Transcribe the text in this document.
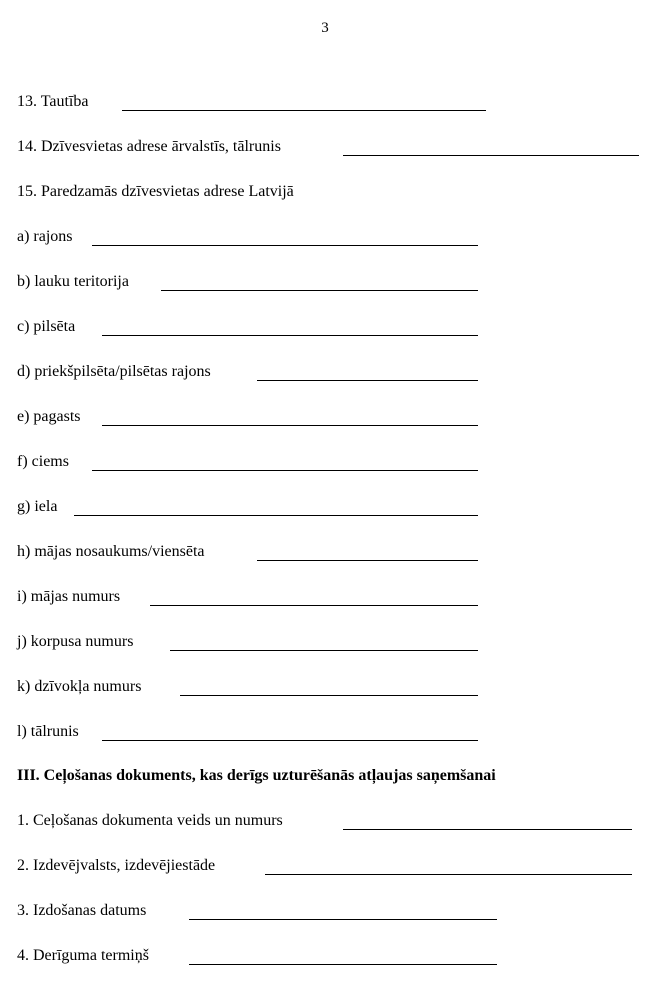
3
13. Tautība
14. Dzīvesvietas adrese ārvalstīs, tālrunis
15. Paredzamās dzīvesvietas adrese Latvijā
a) rajons
b) lauku teritorija
c) pilsēta
d) priekšpilsēta/pilsētas rajons
e) pagasts
f) ciems
g) iela
h) mājas nosaukums/viensēta
i) mājas numurs
j) korpusa numurs
k) dzīvokļa numurs
l) tālrunis
III. Ceļošanas dokuments, kas derīgs uzturēšanās atļaujas saņemšanai
1. Ceļošanas dokumenta veids un numurs
2. Izdevējvalsts, izdevējiestāde
3. Izdošanas datums
4. Derīguma termiņš
